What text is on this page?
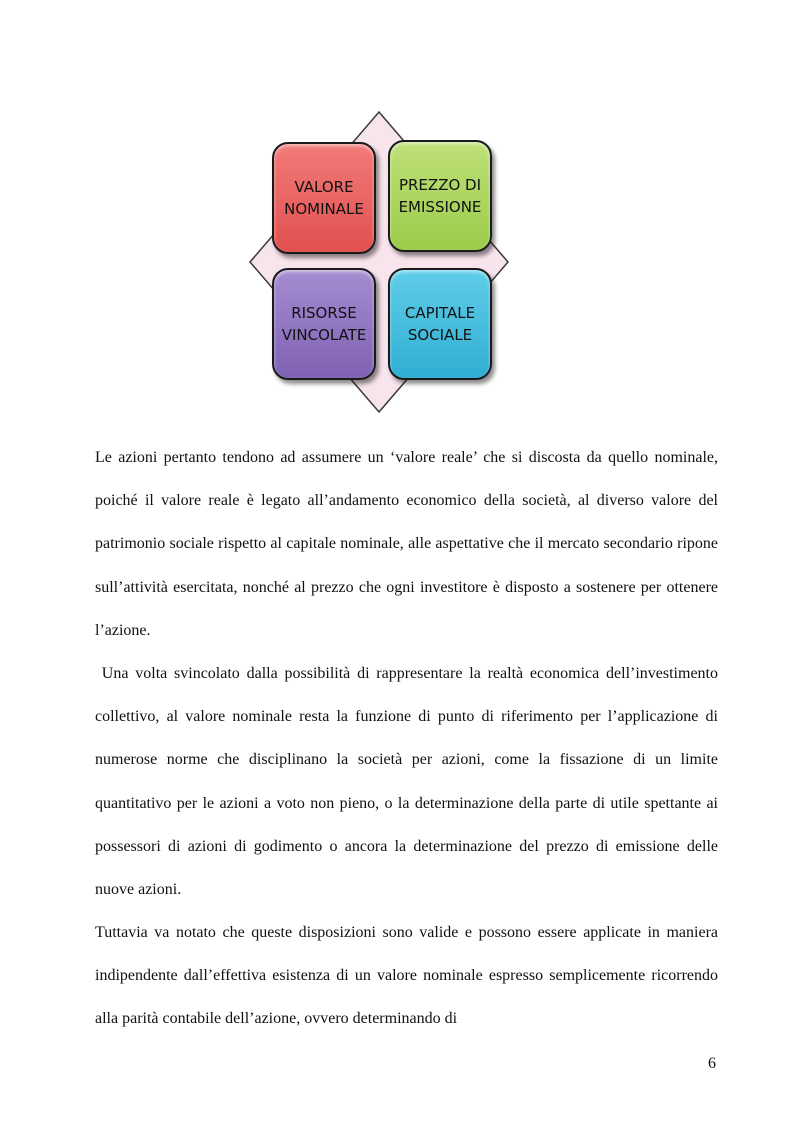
VALORE
NOMINALE
PREZZO DI
EMISSIONE
RISORSE
VINCOLATE
CAPITALE
SOCIALE

Le azioni pertanto tendono ad assumere un ‘valore reale’ che si discosta da quello nominale, poiché il valore reale è legato all’andamento economico della società, al diverso valore del patrimonio sociale rispetto al capitale nominale, alle aspettative che il mercato secondario ripone sull’attività esercitata, nonché al prezzo che ogni investitore è disposto a sostenere per ottenere l’azione.

Una volta svincolato dalla possibilità di rappresentare la realtà economica dell’investimento collettivo, al valore nominale resta la funzione di punto di riferimento per l’applicazione di numerose norme che disciplinano la società per azioni, come la fissazione di un limite quantitativo per le azioni a voto non pieno, o la determinazione della parte di utile spettante ai possessori di azioni di godimento o ancora la determinazione del prezzo di emissione delle nuove azioni.

Tuttavia va notato che queste disposizioni sono valide e possono essere applicate in maniera indipendente dall’effettiva esistenza di un valore nominale espresso semplicemente ricorrendo alla parità contabile dell’azione, ovvero determinando di

6
